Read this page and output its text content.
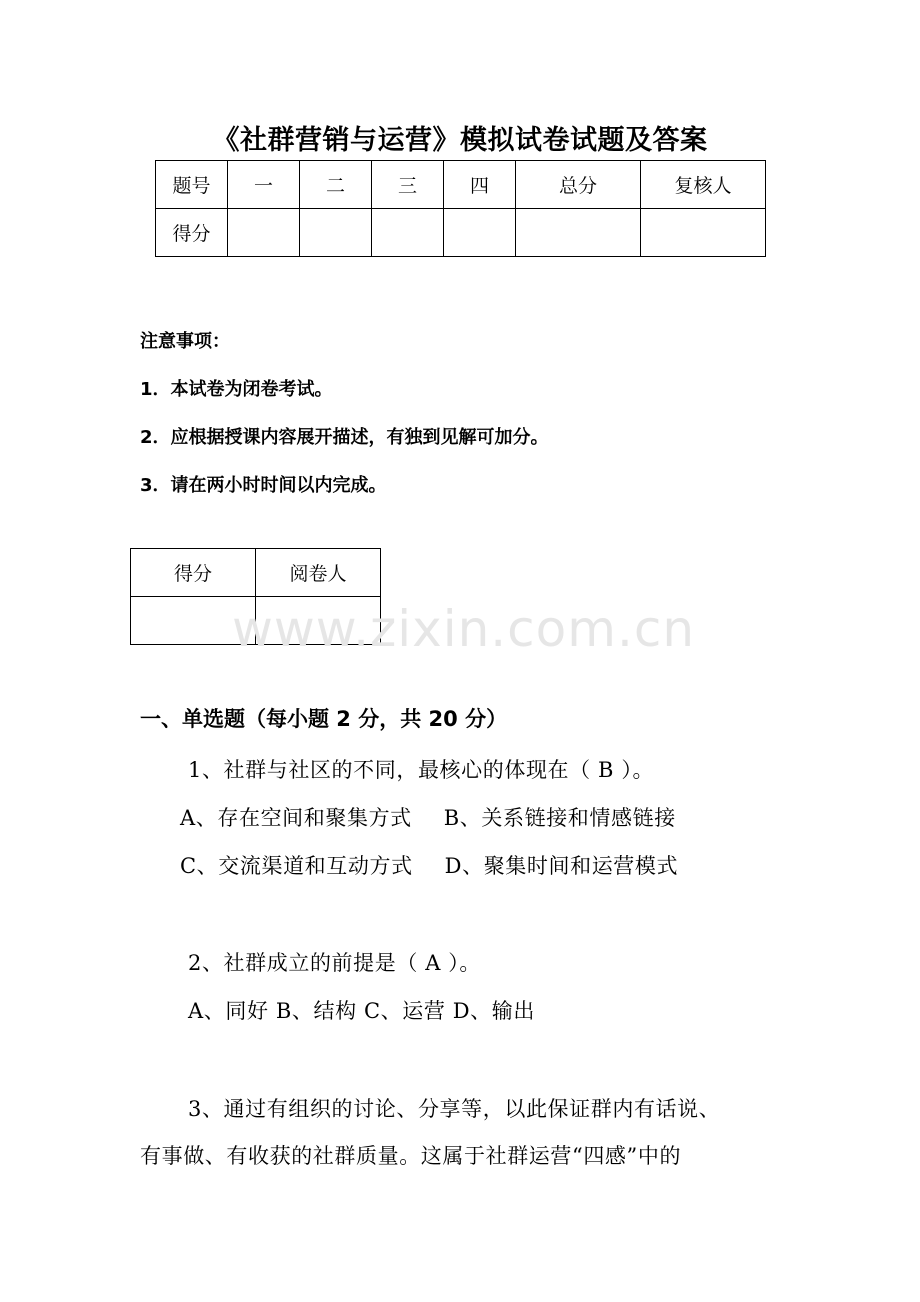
《社群营销与运营》模拟试卷试题及答案
题号	一	二	三	四	总分	复核人
得分						
注意事项：
1．本试卷为闭卷考试。
2．应根据授课内容展开描述，有独到见解可加分。
3．请在两小时时间以内完成。
得分	阅卷人

www.zixin.com.cn
一、单选题（每小题 2 分，共 20 分）
1、社群与社区的不同，最核心的体现在（ B ）。
A、存在空间和聚集方式 B、关系链接和情感链接
C、交流渠道和互动方式 D、聚集时间和运营模式
2、社群成立的前提是（ A ）。
A、同好 B、结构 C、运营 D、输出
3、通过有组织的讨论、分享等，以此保证群内有话说、
有事做、有收获的社群质量。这属于社群运营“四感”中的
